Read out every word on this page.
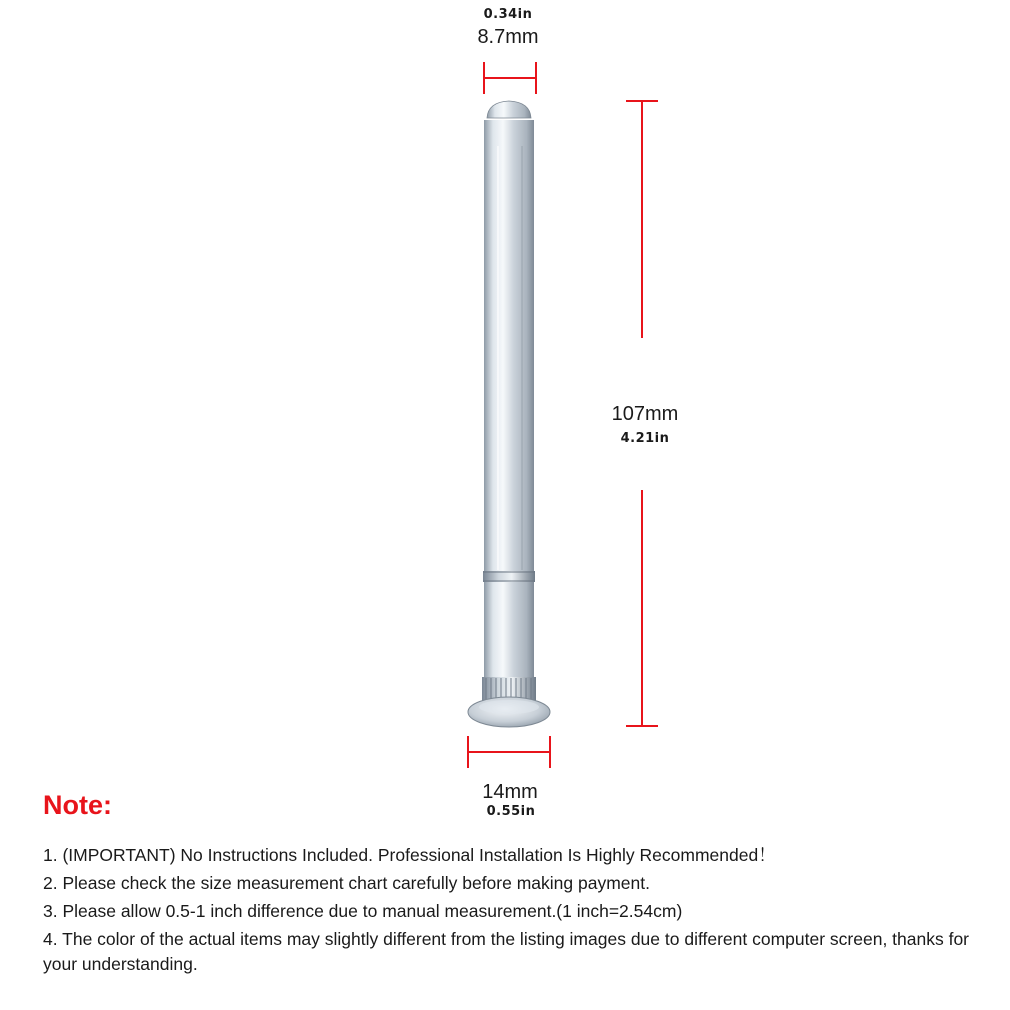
0.34in
8.7mm
107mm
4.21in
14mm
0.55in
Note:
1. (IMPORTANT) No Instructions Included. Professional Installation Is Highly Recommended！
2. Please check the size measurement chart carefully before making payment.
3. Please allow 0.5-1 inch difference due to manual measurement.(1 inch=2.54cm)
4. The color of the actual items may slightly different from the listing images due to different computer screen, thanks for your understanding.
